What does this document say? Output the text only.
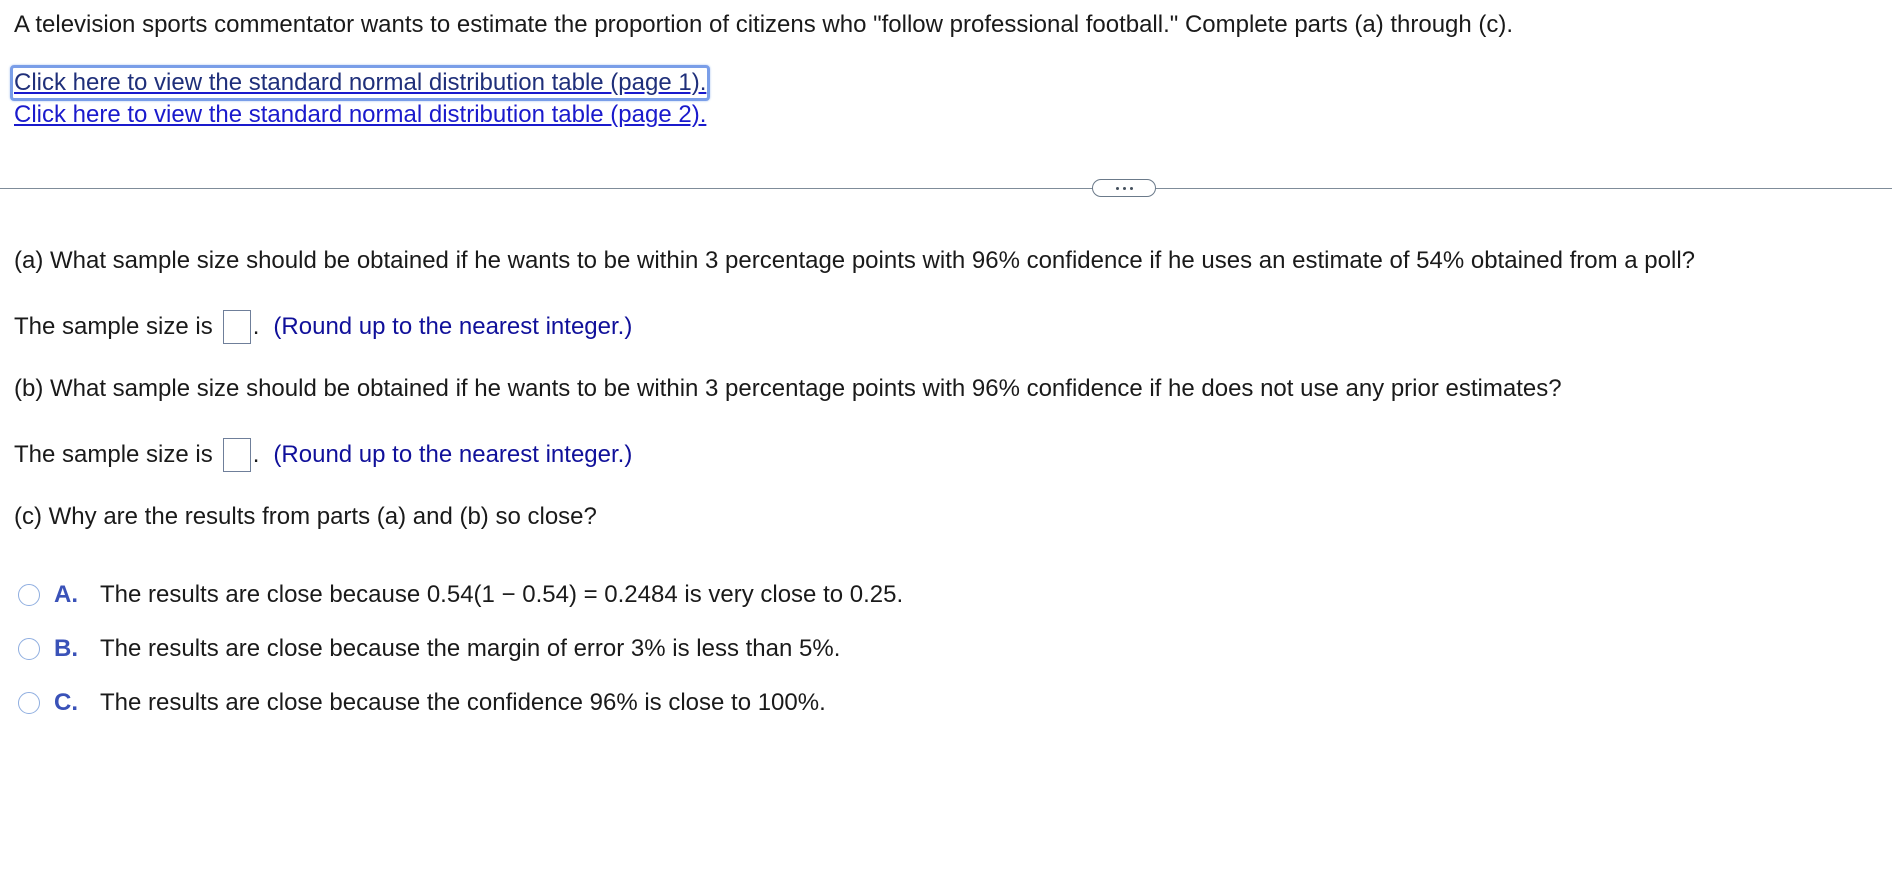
A television sports commentator wants to estimate the proportion of citizens who "follow professional football." Complete parts (a) through (c).
Click here to view the standard normal distribution table (page 1).
Click here to view the standard normal distribution table (page 2).
(a) What sample size should be obtained if he wants to be within 3 percentage points with 96% confidence if he uses an estimate of 54% obtained from a poll?
The sample size is . (Round up to the nearest integer.)
(b) What sample size should be obtained if he wants to be within 3 percentage points with 96% confidence if he does not use any prior estimates?
The sample size is . (Round up to the nearest integer.)
(c) Why are the results from parts (a) and (b) so close?
A. The results are close because 0.54(1 − 0.54) = 0.2484 is very close to 0.25.
B. The results are close because the margin of error 3% is less than 5%.
C. The results are close because the confidence 96% is close to 100%.
